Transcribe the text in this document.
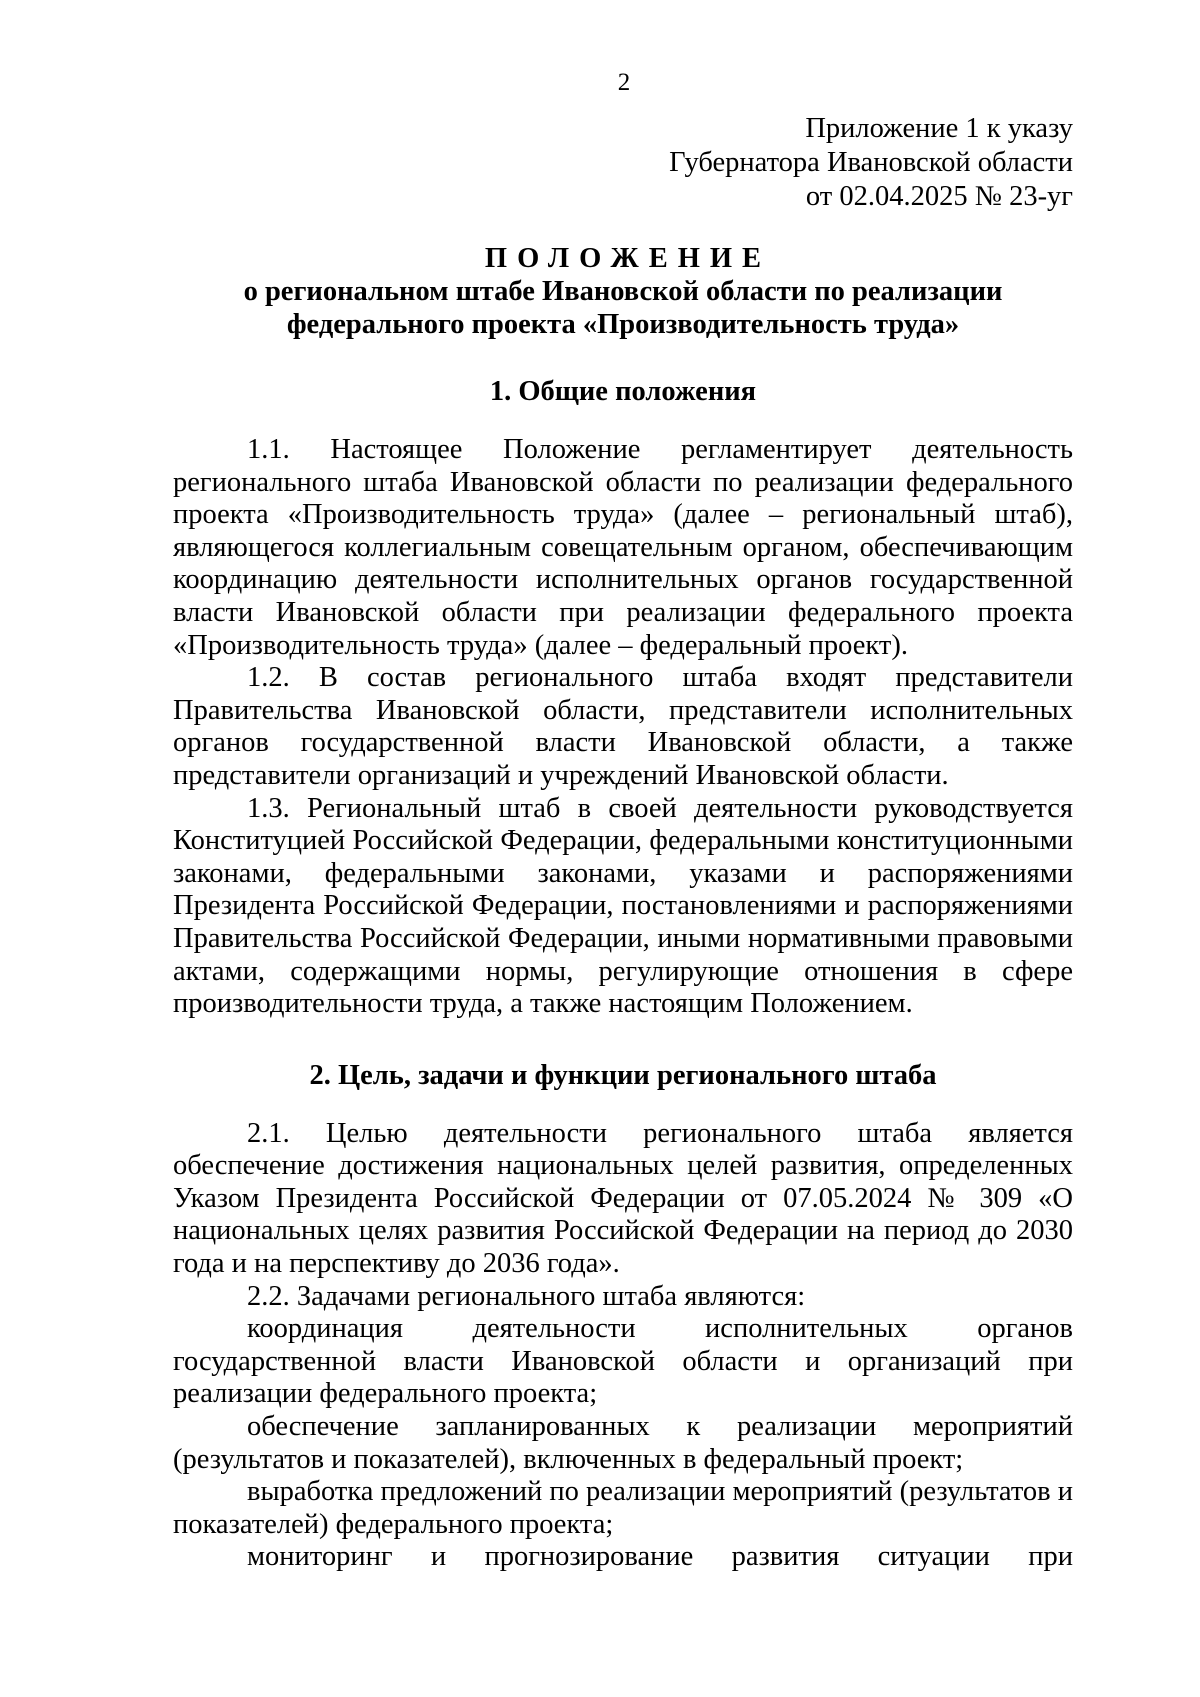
2
Приложение 1 к указу
Губернатора Ивановской области
от 02.04.2025 № 23-уг
ПОЛОЖЕНИЕ
о региональном штабе Ивановской области по реализации
федерального проекта «Производительность труда»
1. Общие положения

1.1. Настоящее Положение регламентирует деятельность регионального штаба Ивановской области по реализации федерального проекта «Производительность труда» (далее – региональный штаб), являющегося коллегиальным совещательным органом, обеспечивающим координацию деятельности исполнительных органов государственной власти Ивановской области при реализации федерального проекта «Производительность труда» (далее – федеральный проект).

1.2. В состав регионального штаба входят представители Правительства Ивановской области, представители исполнительных органов государственной власти Ивановской области, а также представители организаций и учреждений Ивановской области.

1.3. Региональный штаб в своей деятельности руководствуется Конституцией Российской Федерации, федеральными конституционными законами, федеральными законами, указами и распоряжениями Президента Российской Федерации, постановлениями и распоряжениями Правительства Российской Федерации, иными нормативными правовыми актами, содержащими нормы, регулирующие отношения в сфере производительности труда, а также настоящим Положением.

2. Цель, задачи и функции регионального штаба

2.1. Целью деятельности регионального штаба является обеспечение достижения национальных целей развития, определенных Указом Президента Российской Федерации от 07.05.2024 № 309 «О национальных целях развития Российской Федерации на период до 2030 года и на перспективу до 2036 года».

2.2. Задачами регионального штаба являются:

координация деятельности исполнительных органов государственной власти Ивановской области и организаций при реализации федерального проекта;

обеспечение запланированных к реализации мероприятий (результатов и показателей), включенных в федеральный проект;

выработка предложений по реализации мероприятий (результатов и показателей) федерального проекта;

мониторинг и прогнозирование развития ситуации при
